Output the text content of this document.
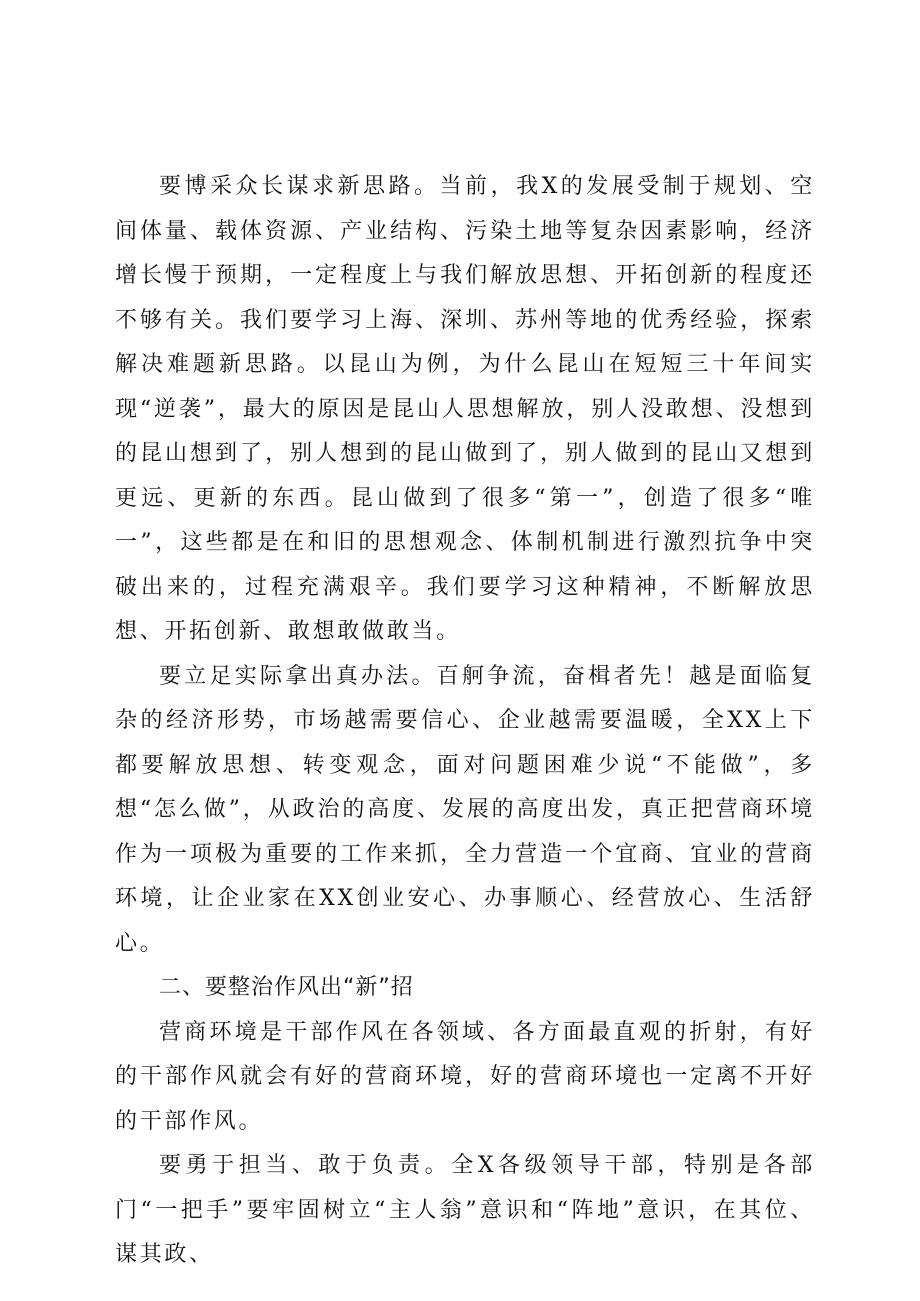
要博采众长谋求新思路。当前，我X的发展受制于规划、空间体量、载体资源、产业结构、污染土地等复杂因素影响，经济增长慢于预期，一定程度上与我们解放思想、开拓创新的程度还不够有关。我们要学习上海、深圳、苏州等地的优秀经验，探索解决难题新思路。以昆山为例，为什么昆山在短短三十年间实现“逆袭”，最大的原因是昆山人思想解放，别人没敢想、没想到的昆山想到了，别人想到的昆山做到了，别人做到的昆山又想到更远、更新的东西。昆山做到了很多“第一”，创造了很多“唯一”，这些都是在和旧的思想观念、体制机制进行激烈抗争中突破出来的，过程充满艰辛。我们要学习这种精神，不断解放思想、开拓创新、敢想敢做敢当。

要立足实际拿出真办法。百舸争流，奋楫者先！越是面临复杂的经济形势，市场越需要信心、企业越需要温暖，全XX上下都要解放思想、转变观念，面对问题困难少说“不能做”，多想“怎么做”，从政治的高度、发展的高度出发，真正把营商环境作为一项极为重要的工作来抓，全力营造一个宜商、宜业的营商环境，让企业家在XX创业安心、办事顺心、经营放心、生活舒心。

二、要整治作风出“新”招

营商环境是干部作风在各领域、各方面最直观的折射，有好的干部作风就会有好的营商环境，好的营商环境也一定离不开好的干部作风。

要勇于担当、敢于负责。全X各级领导干部，特别是各部门“一把手”要牢固树立“主人翁”意识和“阵地”意识，在其位、谋其政、
